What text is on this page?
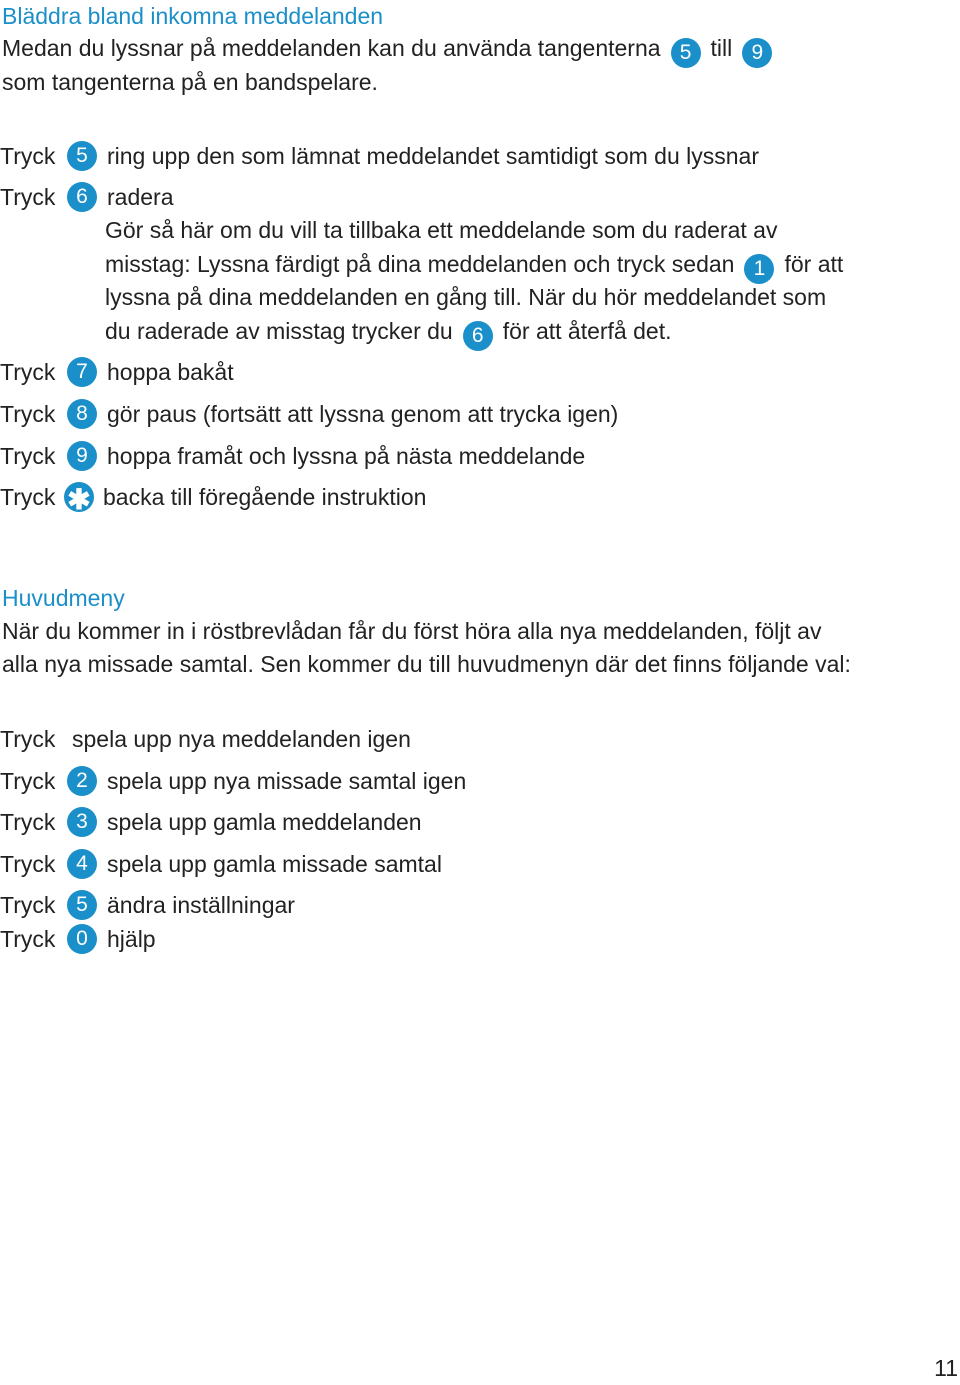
Bläddra bland inkomna meddelanden
Medan du lyssnar på meddelanden kan du använda tangenterna 5 till 9
som tangenterna på en bandspelare.
Tryck 5 ring upp den som lämnat meddelandet samtidigt som du lyssnar
Tryck 6 radera
Gör så här om du vill ta tillbaka ett meddelande som du raderat av
misstag: Lyssna färdigt på dina meddelanden och tryck sedan 1 för att
lyssna på dina meddelanden en gång till. När du hör meddelandet som
du raderade av misstag trycker du 6 för att återfå det.
Tryck 7 hoppa bakåt
Tryck 8 gör paus (fortsätt att lyssna genom att trycka igen)
Tryck 9 hoppa framåt och lyssna på nästa meddelande
Tryck ✱ backa till föregående instruktion
Huvudmeny
När du kommer in i röstbrevlådan får du först höra alla nya meddelanden, följt av
alla nya missade samtal. Sen kommer du till huvudmenyn där det finns följande val:
Tryck spela upp nya meddelanden igen
Tryck 2 spela upp nya missade samtal igen
Tryck 3 spela upp gamla meddelanden
Tryck 4 spela upp gamla missade samtal
Tryck 5 ändra inställningar
Tryck 0 hjälp
11
